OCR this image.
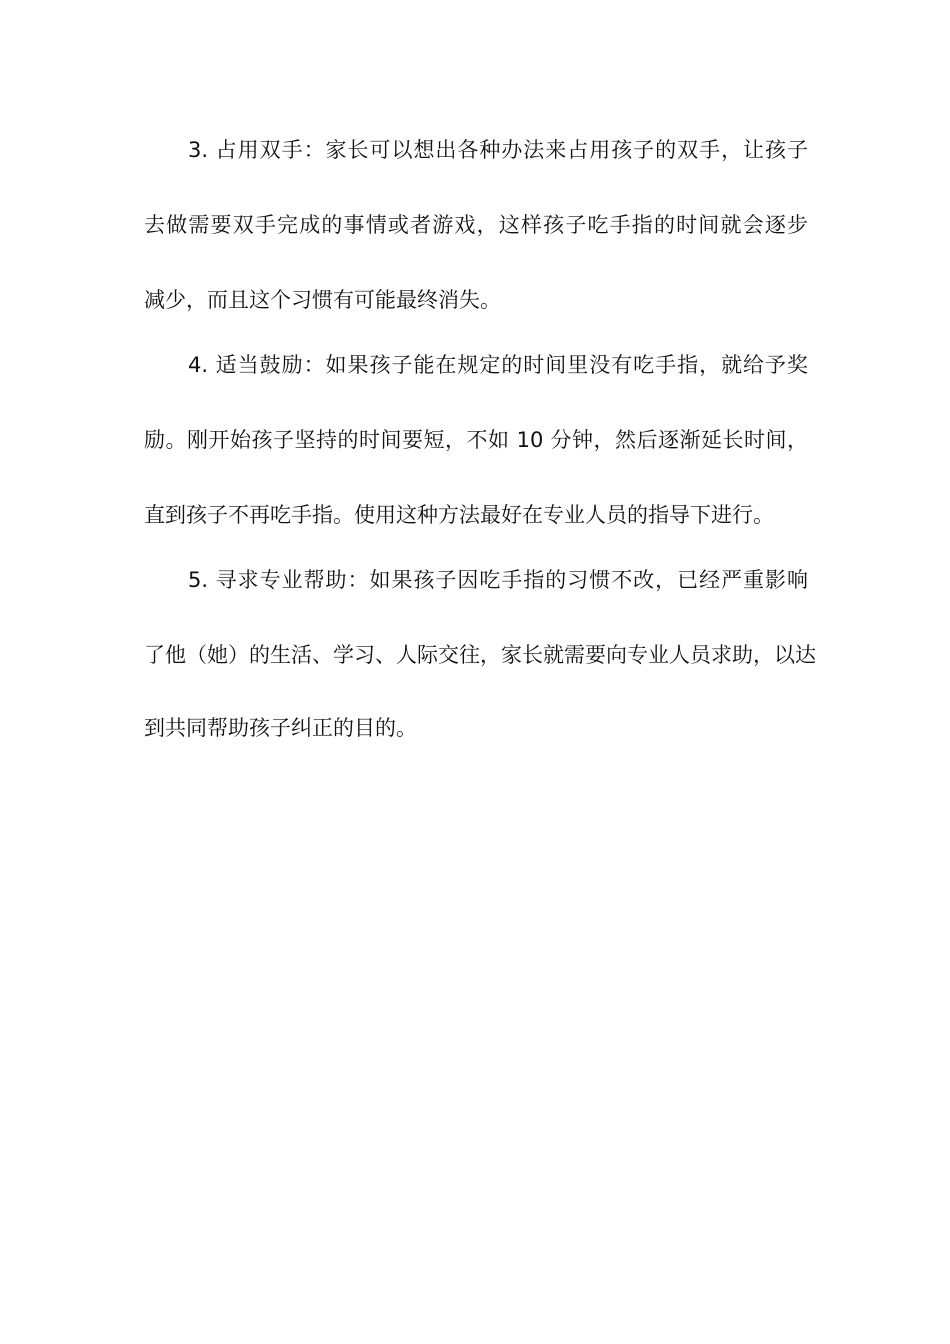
3. 占用双手：家长可以想出各种办法来占用孩子的双手，让孩子
去做需要双手完成的事情或者游戏，这样孩子吃手指的时间就会逐步
减少，而且这个习惯有可能最终消失。
4. 适当鼓励：如果孩子能在规定的时间里没有吃手指，就给予奖
励。刚开始孩子坚持的时间要短，不如 10 分钟，然后逐渐延长时间，
直到孩子不再吃手指。使用这种方法最好在专业人员的指导下进行。
5. 寻求专业帮助：如果孩子因吃手指的习惯不改，已经严重影响
了他（她）的生活、学习、人际交往，家长就需要向专业人员求助，以达
到共同帮助孩子纠正的目的。
